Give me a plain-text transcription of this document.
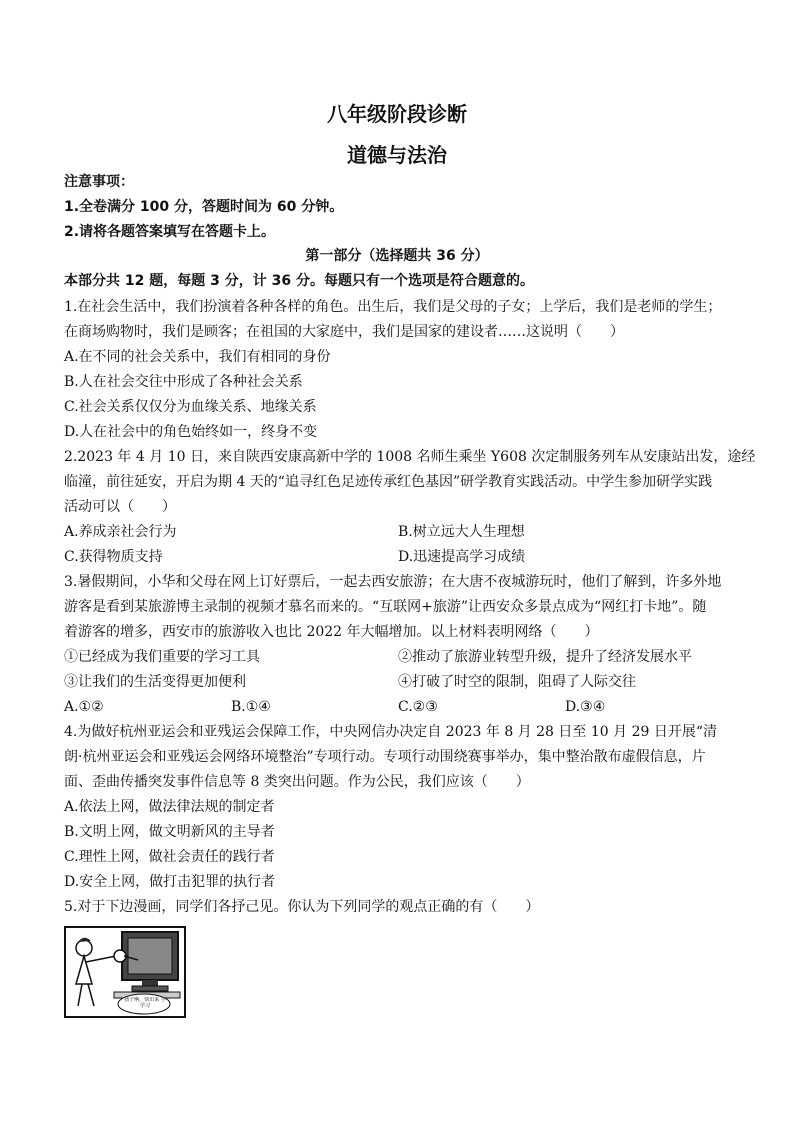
八年级阶段诊断
道德与法治
注意事项：
1.全卷满分 100 分，答题时间为 60 分钟。
2.请将各题答案填写在答题卡上。
第一部分（选择题共 36 分）
本部分共 12 题，每题 3 分，计 36 分。每题只有一个选项是符合题意的。
1.在社会生活中，我们扮演着各种各样的角色。出生后，我们是父母的子女；上学后，我们是老师的学生；
在商场购物时，我们是顾客；在祖国的大家庭中，我们是国家的建设者……这说明（　　）
A.在不同的社会关系中，我们有相同的身份
B.人在社会交往中形成了各种社会关系
C.社会关系仅仅分为血缘关系、地缘关系
D.人在社会中的角色始终如一，终身不变
2.2023 年 4 月 10 日，来自陕西安康高新中学的 1008 名师生乘坐 Y608 次定制服务列车从安康站出发，途经
临潼，前往延安，开启为期 4 天的“追寻红色足迹传承红色基因”研学教育实践活动。中学生参加研学实践
活动可以（　　）
A.养成亲社会行为	B.树立远大人生理想
C.获得物质支持	D.迅速提高学习成绩
3.暑假期间，小华和父母在网上订好票后，一起去西安旅游；在大唐不夜城游玩时，他们了解到，许多外地
游客是看到某旅游博主录制的视频才慕名而来的。“互联网+旅游”让西安众多景点成为“网红打卡地”。随
着游客的增多，西安市的旅游收入也比 2022 年大幅增加。以上材料表明网络（　　）
①已经成为我们重要的学习工具	②推动了旅游业转型升级，提升了经济发展水平
③让我们的生活变得更加便利	④打破了时空的限制，阻碍了人际交往
A.①②	B.①④	C.②③	D.③④
4.为做好杭州亚运会和亚残运会保障工作，中央网信办决定自 2023 年 8 月 28 日至 10 月 29 日开展“清
朗·杭州亚运会和亚残运会网络环境整治”专项行动。专项行动围绕赛事举办，集中整治散布虚假信息，片
面、歪曲传播突发事件信息等 8 类突出问题。作为公民，我们应该（　　）
A.依法上网，做法律法规的制定者
B.文明上网，做文明新风的主导者
C.理性上网，做社会责任的践行者
D.安全上网，做打击犯罪的执行者
5.对于下边漫画，同学们各抒己见。你认为下列同学的观点正确的有（　　）
孩子啊，快出来 学学习
